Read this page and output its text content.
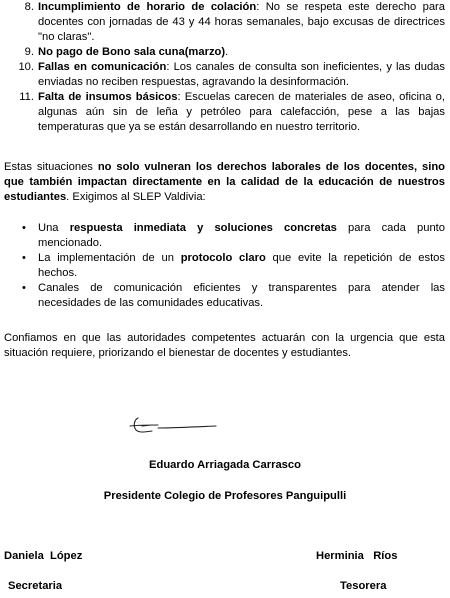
8. Incumplimiento de horario de colación: No se respeta este derecho para docentes con jornadas de 43 y 44 horas semanales, bajo excusas de directrices "no claras".
9. No pago de Bono sala cuna(marzo).
10. Fallas en comunicación: Los canales de consulta son ineficientes, y las dudas enviadas no reciben respuestas, agravando la desinformación.
11. Falta de insumos básicos: Escuelas carecen de materiales de aseo, oficina o, algunas aún sin de leña y petróleo para calefacción, pese a las bajas temperaturas que ya se están desarrollando en nuestro territorio.

Estas situaciones no solo vulneran los derechos laborales de los docentes, sino que también impactan directamente en la calidad de la educación de nuestros estudiantes. Exigimos al SLEP Valdivia:

• Una respuesta inmediata y soluciones concretas para cada punto mencionado.
• La implementación de un protocolo claro que evite la repetición de estos hechos.
• Canales de comunicación eficientes y transparentes para atender las necesidades de las comunidades educativas.

Confiamos en que las autoridades competentes actuarán con la urgencia que esta situación requiere, priorizando el bienestar de docentes y estudiantes.

Eduardo Arriagada Carrasco
Presidente Colegio de Profesores Panguipulli
Daniela  López
Secretaria
Herminia   Ríos
Tesorera
